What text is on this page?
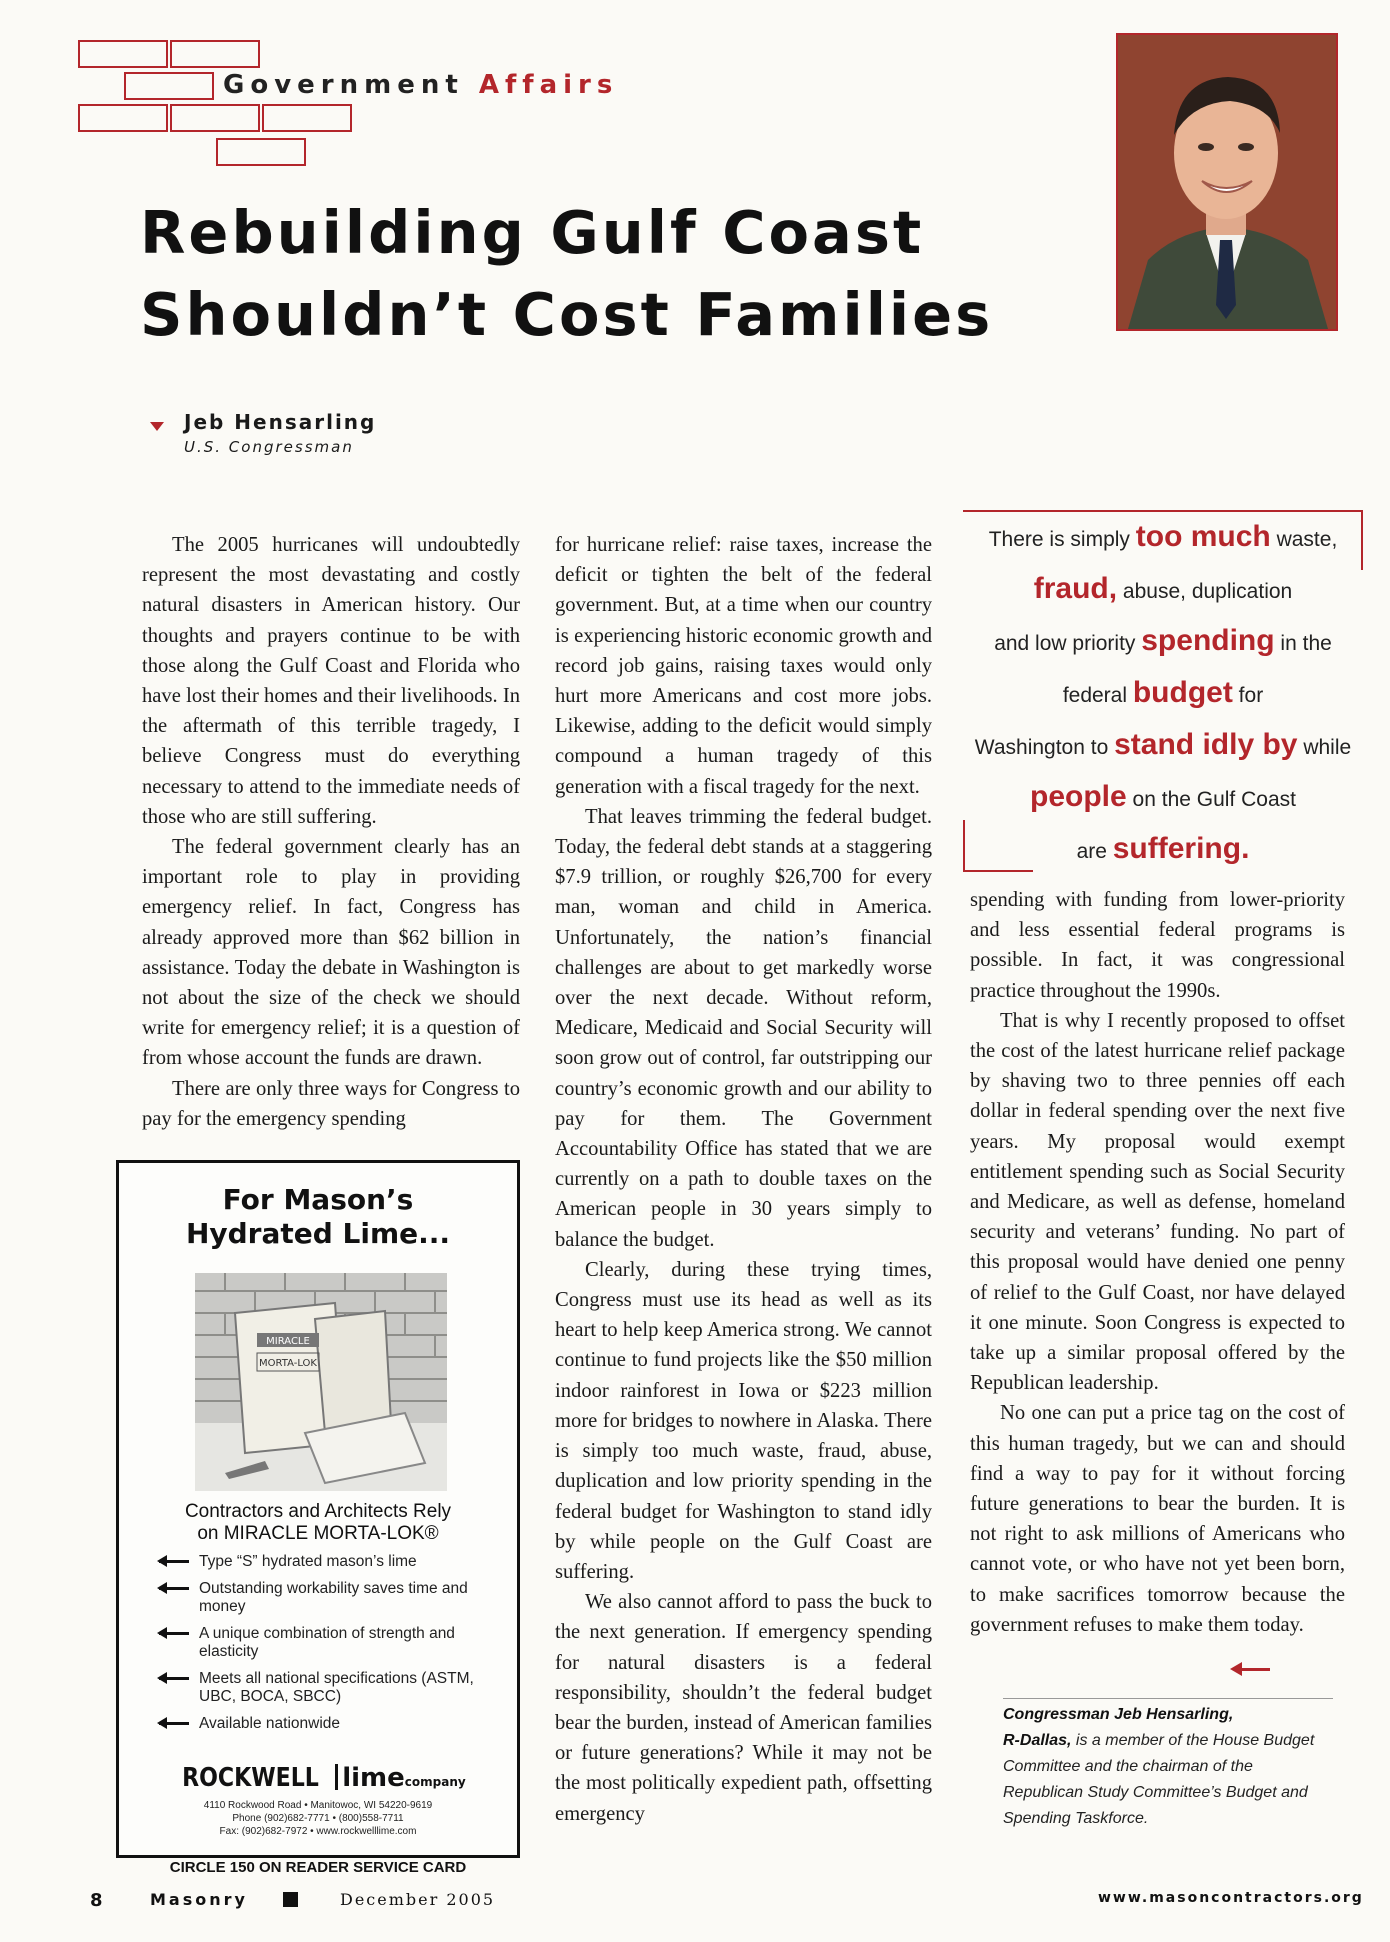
Government Affairs
Rebuilding Gulf Coast
Shouldn’t Cost Families
Jeb Hensarling
U.S. Congressman

The 2005 hurricanes will undoubtedly represent the most devastating and costly natural disasters in American history. Our thoughts and prayers continue to be with those along the Gulf Coast and Florida who have lost their homes and their livelihoods. In the aftermath of this terrible tragedy, I believe Congress must do everything necessary to attend to the immediate needs of those who are still suffering.

The federal government clearly has an important role to play in providing emergency relief. In fact, Congress has already approved more than $62 billion in assistance. Today the debate in Washington is not about the size of the check we should write for emergency relief; it is a question of from whose account the funds are drawn.

There are only three ways for Congress to pay for the emergency spending

for hurricane relief: raise taxes, increase the deficit or tighten the belt of the federal government. But, at a time when our country is experiencing historic economic growth and record job gains, raising taxes would only hurt more Americans and cost more jobs. Likewise, adding to the deficit would simply compound a human tragedy of this generation with a fiscal tragedy for the next.

That leaves trimming the federal budget. Today, the federal debt stands at a staggering $7.9 trillion, or roughly $26,700 for every man, woman and child in America. Unfortunately, the nation’s financial challenges are about to get markedly worse over the next decade. Without reform, Medicare, Medicaid and Social Security will soon grow out of control, far outstripping our country’s economic growth and our ability to pay for them. The Government Accountability Office has stated that we are currently on a path to double taxes on the American people in 30 years simply to balance the budget.

Clearly, during these trying times, Congress must use its head as well as its heart to help keep America strong. We cannot continue to fund projects like the $50 million indoor rainforest in Iowa or $223 million more for bridges to nowhere in Alaska. There is simply too much waste, fraud, abuse, duplication and low priority spending in the federal budget for Washington to stand idly by while people on the Gulf Coast are suffering.

We also cannot afford to pass the buck to the next generation. If emergency spending for natural disasters is a federal responsibility, shouldn’t the federal budget bear the burden, instead of American families or future generations? While it may not be the most politically expedient path, offsetting emergency

There is simply too much waste,
fraud, abuse, duplication
and low priority spending in the
federal budget for
Washington to stand idly by while
people on the Gulf Coast
are suffering.

spending with funding from lower-priority and less essential federal programs is possible. In fact, it was congressional practice throughout the 1990s.

That is why I recently proposed to offset the cost of the latest hurricane relief package by shaving two to three pennies off each dollar in federal spending over the next five years. My proposal would exempt entitlement spending such as Social Security and Medicare, as well as defense, homeland security and veterans’ funding. No part of this proposal would have denied one penny of relief to the Gulf Coast, nor have delayed it one minute. Soon Congress is expected to take up a similar proposal offered by the Republican leadership.

No one can put a price tag on the cost of this human tragedy, but we can and should find a way to pay for it without forcing future generations to bear the burden. It is not right to ask millions of Americans who cannot vote, or who have not yet been born, to make sacrifices tomorrow because the government refuses to make them today.

Congressman Jeb Hensarling,
R-Dallas, is a member of the House Budget Committee and the chairman of the Republican Study Committee’s Budget and Spending Taskforce.
For Mason’s
Hydrated Lime...
MIRACLE
MORTA-LOK
Contractors and Architects Rely
on MIRACLE MORTA-LOK®
Type “S” hydrated mason’s lime
Outstanding workability saves time and money
A unique combination of strength and elasticity
Meets all national specifications (ASTM, UBC, BOCA, SBCC)
Available nationwide
ROCKWELL limecompany
4110 Rockwood Road • Manitowoc, WI 54220-9619
Phone (902)682-7771 • (800)558-7711
Fax: (902)682-7972 • www.rockwelllime.com
CIRCLE 150 ON READER SERVICE CARD
8	Masonry	December 2005	www.masoncontractors.org
